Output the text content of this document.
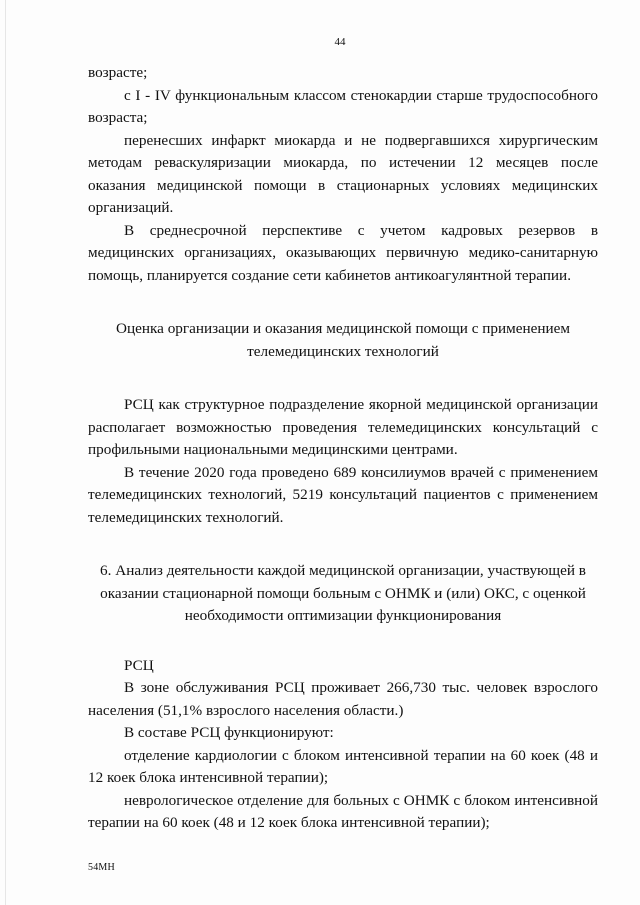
44

возрасте;

с I - IV функциональным классом стенокардии старше трудоспособного возраста;

перенесших инфаркт миокарда и не подвергавшихся хирургическим методам реваскуляризации миокарда, по истечении 12 месяцев после оказания медицинской помощи в стационарных условиях медицинских организаций.

В среднесрочной перспективе с учетом кадровых резервов в медицинских организациях, оказывающих первичную медико-санитарную помощь, планируется создание сети кабинетов антикоагулянтной терапии.

Оценка организации и оказания медицинской помощи с применением телемедицинских технологий

РСЦ как структурное подразделение якорной медицинской организации располагает возможностью проведения телемедицинских консультаций с профильными национальными медицинскими центрами.

В течение 2020 года проведено 689 консилиумов врачей с применением телемедицинских технологий, 5219 консультаций пациентов с применением телемедицинских технологий.

6. Анализ деятельности каждой медицинской организации, участвующей в оказании стационарной помощи больным с ОНМК и (или) ОКС, с оценкой необходимости оптимизации функционирования

РСЦ

В зоне обслуживания РСЦ проживает 266,730 тыс. человек взрослого населения (51,1% взрослого населения области.)

В составе РСЦ функционируют:

отделение кардиологии с блоком интенсивной терапии на 60 коек (48 и 12 коек блока интенсивной терапии);

неврологическое отделение для больных с ОНМК с блоком интенсивной терапии на 60 коек (48 и 12 коек блока интенсивной терапии);

54МН
